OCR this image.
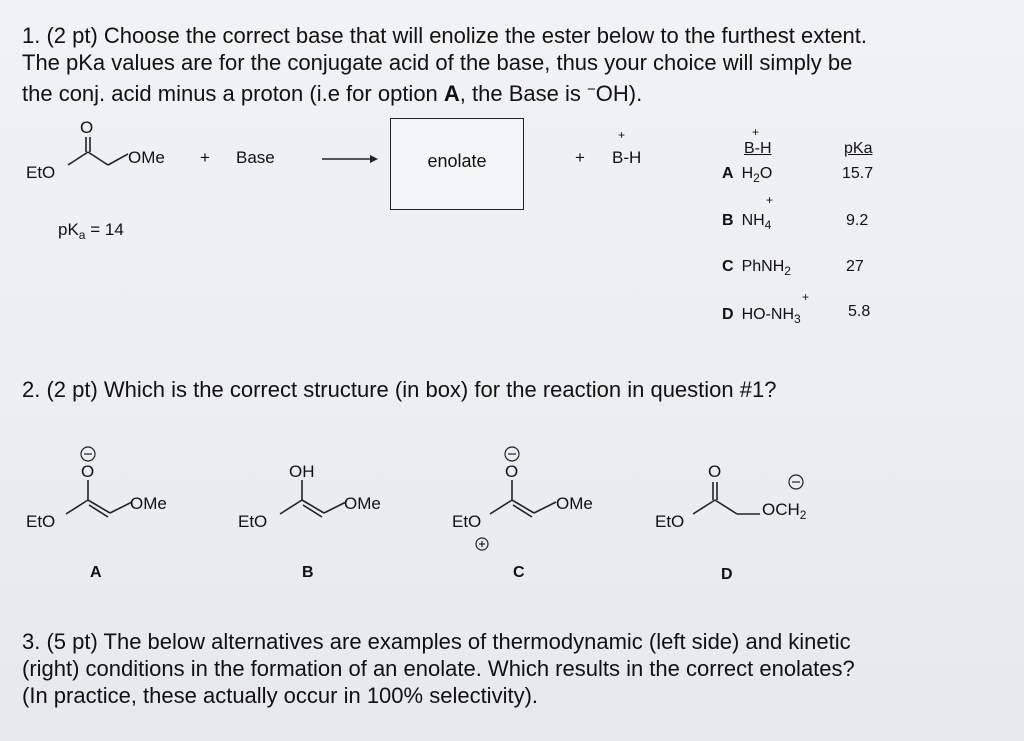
1. (2 pt) Choose the correct base that will enolize the ester below to the furthest extent.
The pKa values are for the conjugate acid of the base, thus your choice will simply be
the conj. acid minus a proton (i.e for option A, the Base is −OH).
O
EtO
OMe + Base	enolate	+
+
B-H
$pK_a = 14$
+
B-H	pKa
A $H_2O$	15.7
+
B $NH_4$	9.2
C PhNH$_2$	27
+
D $HO-NH_3$	5.8
2. (2 pt) Which is the correct structure (in box) for the reaction in question #1?
O
EtO
OMe
A
OH
EtO
OMe
B
O
EtO
OMe
C
O
EtO
$OCH_2$
D
3. (5 pt) The below alternatives are examples of thermodynamic (left side) and kinetic
(right) conditions in the formation of an enolate. Which results in the correct enolates?
(In practice, these actually occur in 100% selectivity).
